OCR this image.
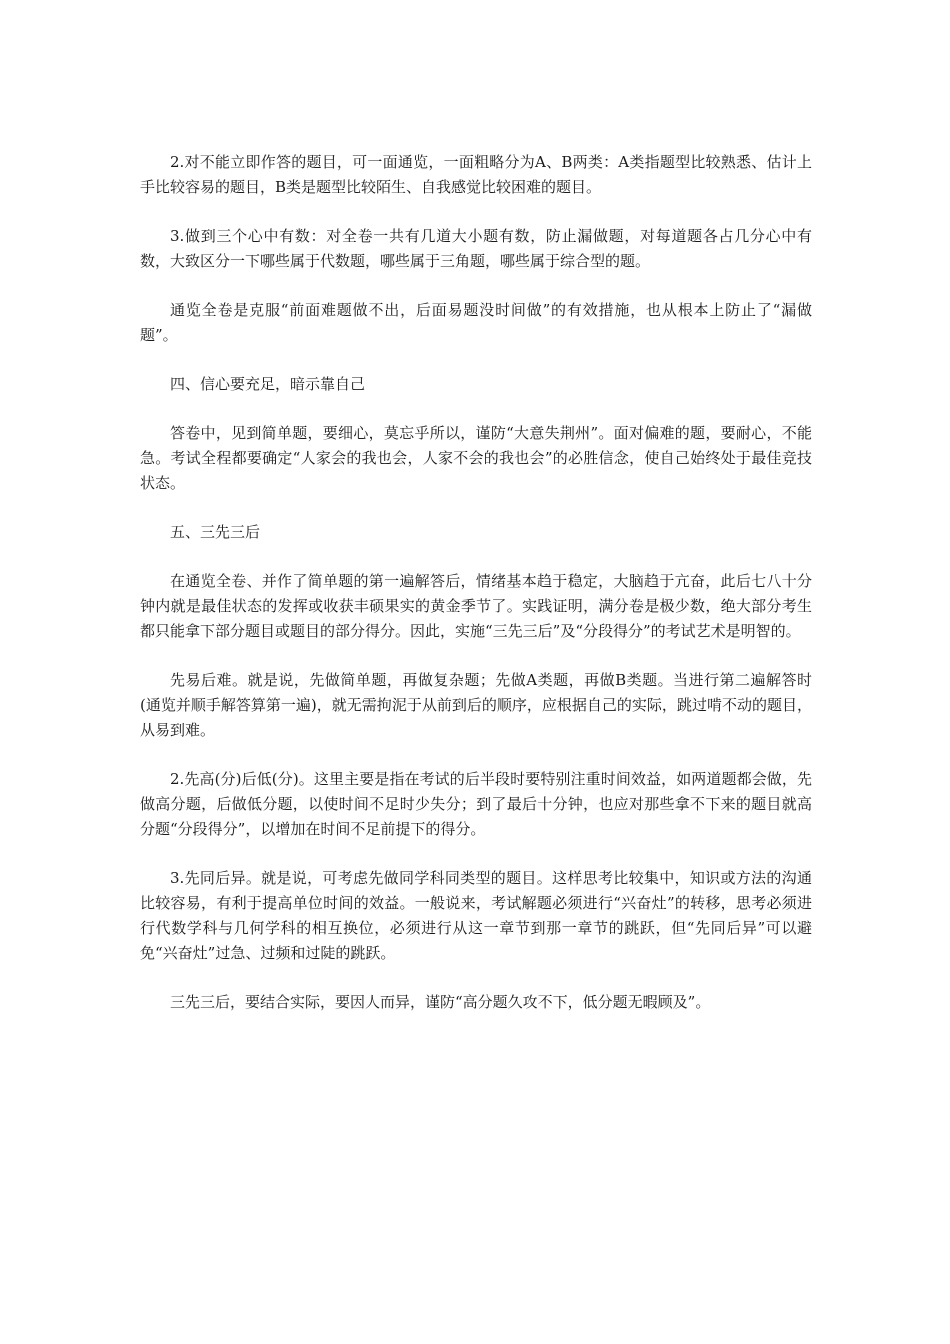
2.对不能立即作答的题目，可一面通览，一面粗略分为A、B两类：A类指题型比较熟悉、估计上手比较容易的题目，B类是题型比较陌生、自我感觉比较困难的题目。

3.做到三个心中有数：对全卷一共有几道大小题有数，防止漏做题，对每道题各占几分心中有数，大致区分一下哪些属于代数题，哪些属于三角题，哪些属于综合型的题。

通览全卷是克服“前面难题做不出，后面易题没时间做”的有效措施，也从根本上防止了“漏做题”。

四、信心要充足，暗示靠自己

答卷中，见到简单题，要细心，莫忘乎所以，谨防“大意失荆州”。面对偏难的题，要耐心，不能急。考试全程都要确定“人家会的我也会，人家不会的我也会”的必胜信念，使自己始终处于最佳竞技状态。

五、三先三后

在通览全卷、并作了简单题的第一遍解答后，情绪基本趋于稳定，大脑趋于亢奋，此后七八十分钟内就是最佳状态的发挥或收获丰硕果实的黄金季节了。实践证明，满分卷是极少数，绝大部分考生都只能拿下部分题目或题目的部分得分。因此，实施“三先三后”及“分段得分”的考试艺术是明智的。

先易后难。就是说，先做简单题，再做复杂题；先做A类题，再做B类题。当进行第二遍解答时(通览并顺手解答算第一遍)，就无需拘泥于从前到后的顺序，应根据自己的实际，跳过啃不动的题目，从易到难。

2.先高(分)后低(分)。这里主要是指在考试的后半段时要特别注重时间效益，如两道题都会做，先做高分题，后做低分题，以使时间不足时少失分；到了最后十分钟，也应对那些拿不下来的题目就高分题“分段得分”，以增加在时间不足前提下的得分。

3.先同后异。就是说，可考虑先做同学科同类型的题目。这样思考比较集中，知识或方法的沟通比较容易，有利于提高单位时间的效益。一般说来，考试解题必须进行“兴奋灶”的转移，思考必须进行代数学科与几何学科的相互换位，必须进行从这一章节到那一章节的跳跃，但“先同后异”可以避免“兴奋灶”过急、过频和过陡的跳跃。

三先三后，要结合实际，要因人而异，谨防“高分题久攻不下，低分题无暇顾及”。
